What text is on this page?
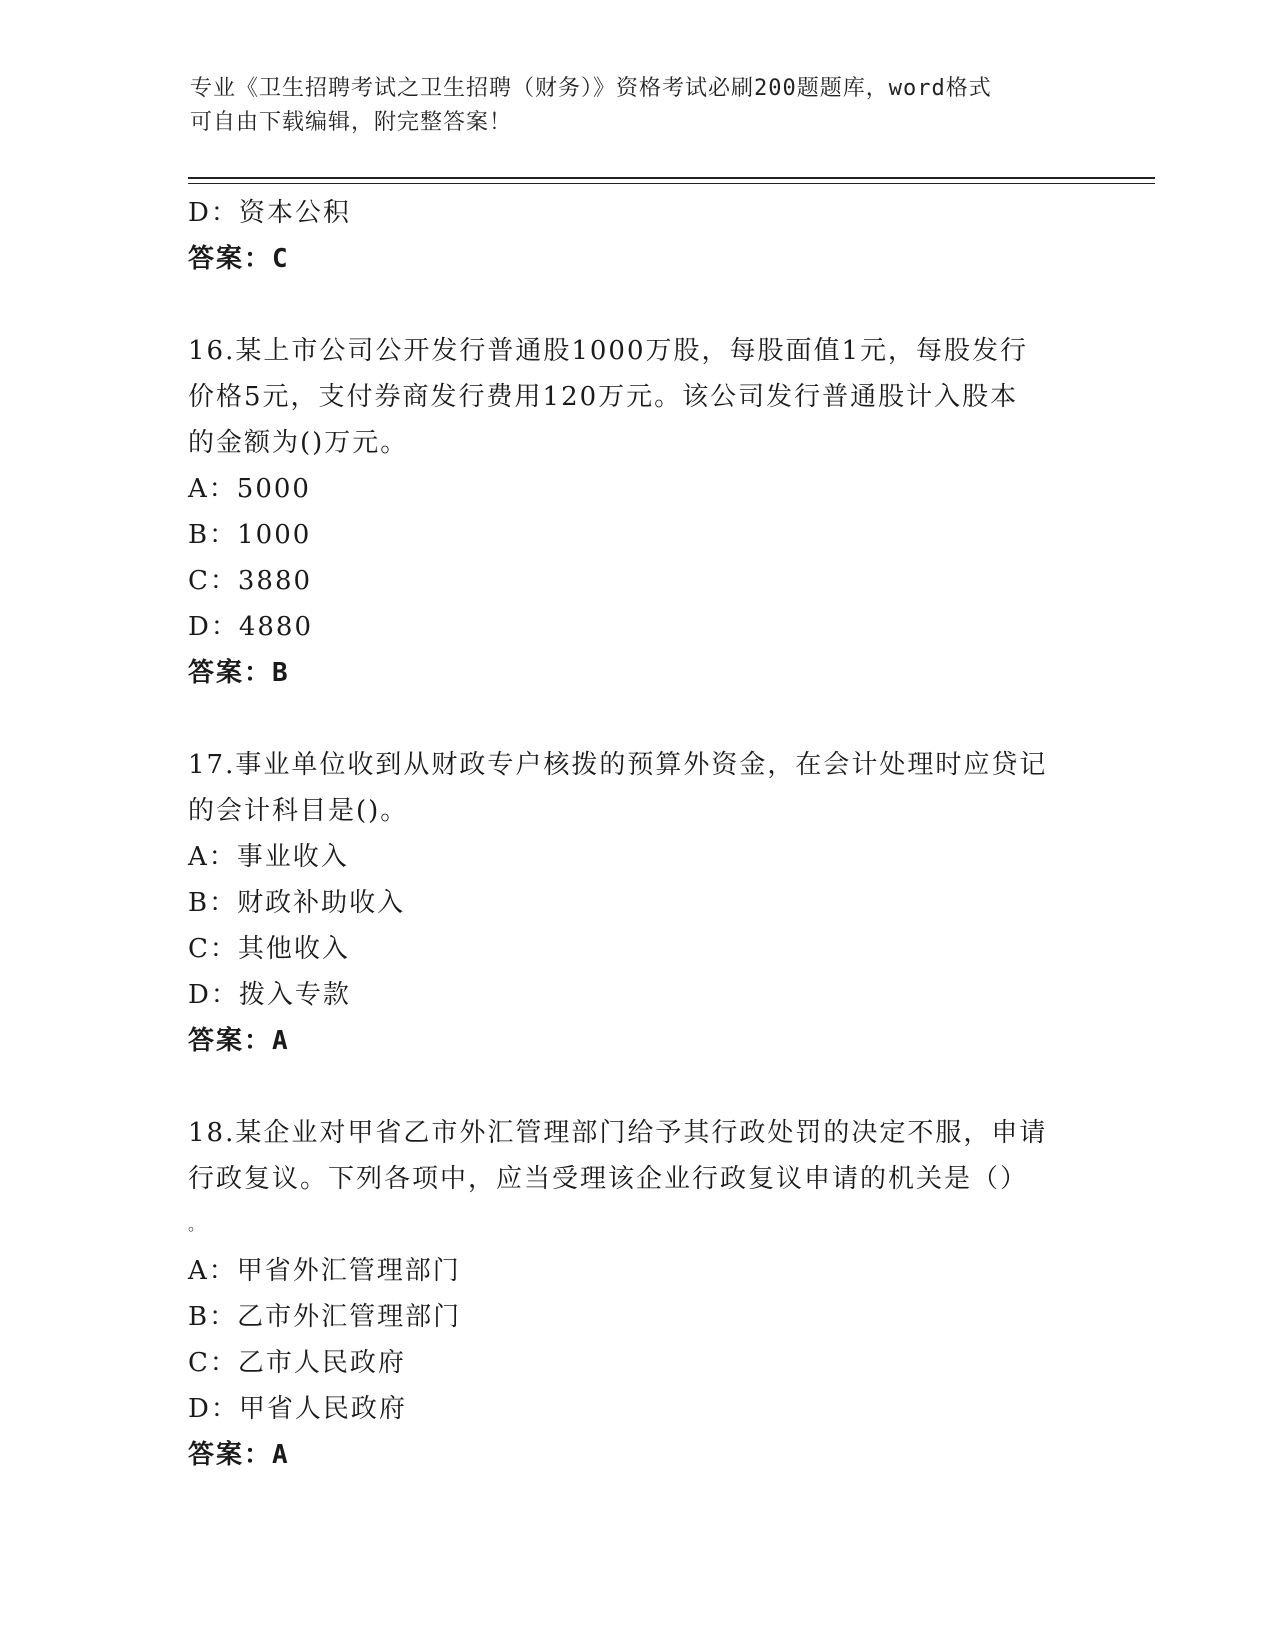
专业《卫生招聘考试之卫生招聘（财务）》资格考试必刷200题题库，word格式
可自由下载编辑，附完整答案！
D：资本公积
答案：C
16.某上市公司公开发行普通股1000万股，每股面值1元，每股发行
价格5元，支付券商发行费用120万元。该公司发行普通股计入股本
的金额为()万元。
A：5000
B：1000
C：3880
D：4880
答案：B
17.事业单位收到从财政专户核拨的预算外资金，在会计处理时应贷记
的会计科目是()。
A：事业收入
B：财政补助收入
C：其他收入
D：拨入专款
答案：A
18.某企业对甲省乙市外汇管理部门给予其行政处罚的决定不服，申请
行政复议。下列各项中，应当受理该企业行政复议申请的机关是（）
。
A：甲省外汇管理部门
B：乙市外汇管理部门
C：乙市人民政府
D：甲省人民政府
答案：A
